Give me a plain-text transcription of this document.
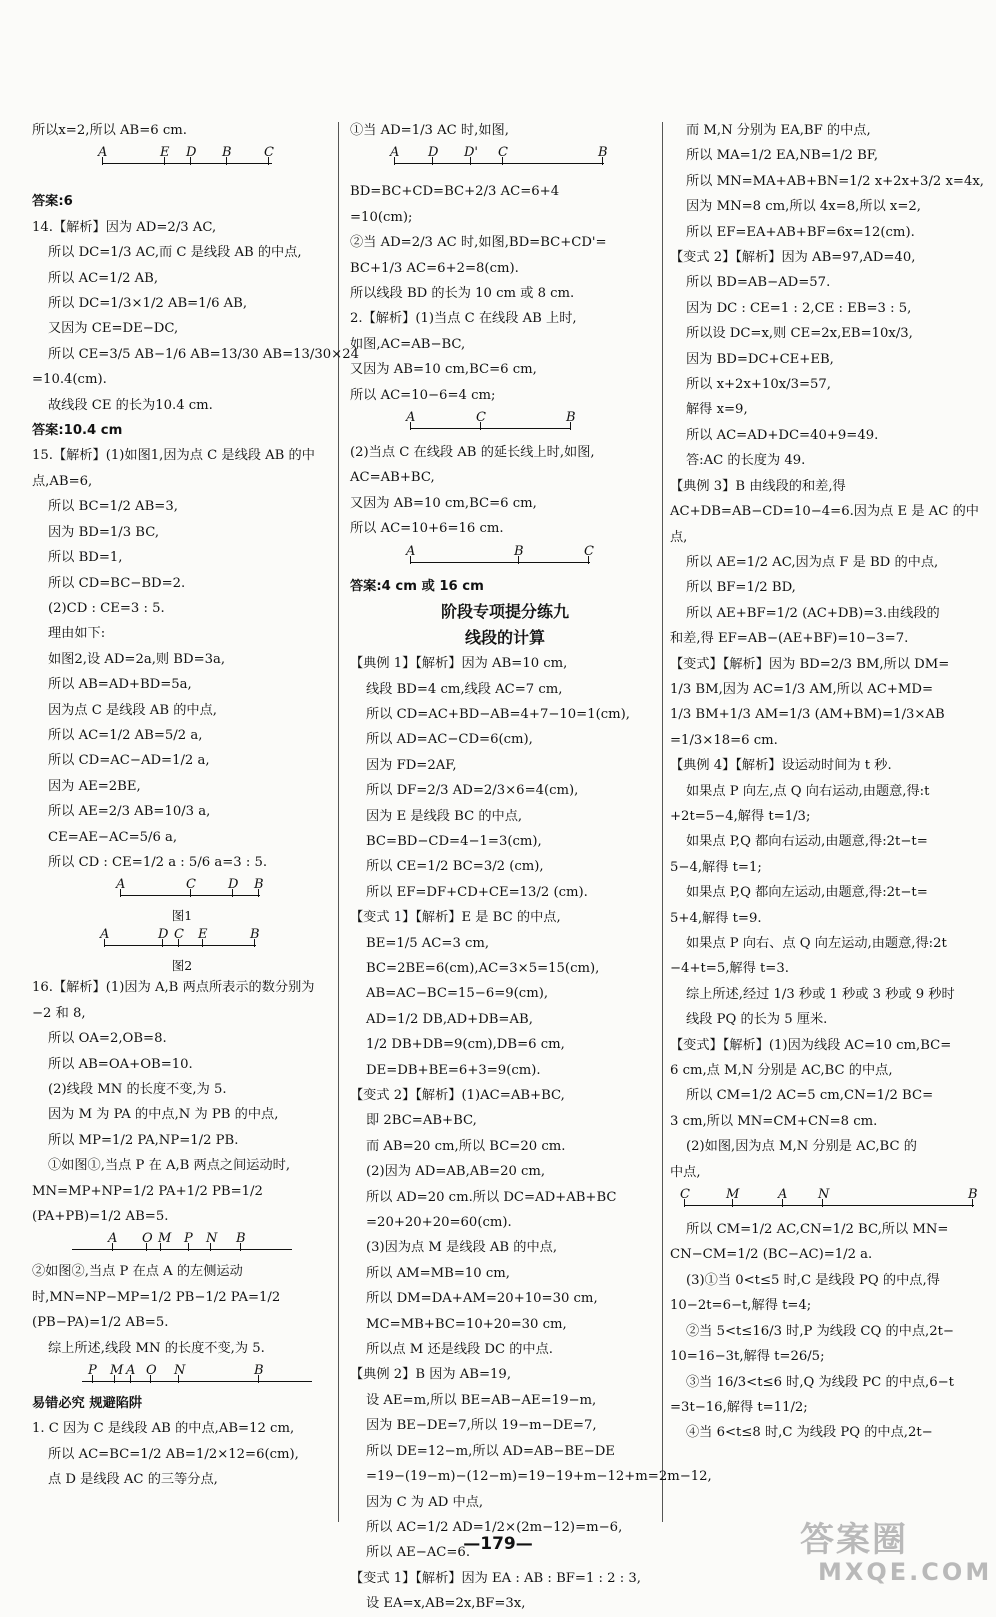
所以x=2,所以 AB=6 cm.
A	E D B C
答案:6
14.【解析】因为 AD=2/3 AC,
所以 DC=1/3 AC,而 C 是线段 AB 的中点,
所以 AC=1/2 AB,
所以 DC=1/3×1/2 AB=1/6 AB,
又因为 CE=DE−DC,
所以 CE=3/5 AB−1/6 AB=13/30 AB=13/30×24
=10.4(cm).
故线段 CE 的长为10.4 cm.
答案:10.4 cm
15.【解析】(1)如图1,因为点 C 是线段 AB 的中点,AB=6,
所以 BC=1/2 AB=3,
因为 BD=1/3 BC,
所以 BD=1,
所以 CD=BC−BD=2.
(2)CD : CE=3 : 5.
理由如下:
如图2,设 AD=2a,则 BD=3a,
所以 AB=AD+BD=5a,
因为点 C 是线段 AB 的中点,
所以 AC=1/2 AB=5/2 a,
所以 CD=AC−AD=1/2 a,
因为 AE=2BE,
所以 AE=2/3 AB=10/3 a,
CE=AE−AC=5/6 a,
所以 CD : CE=1/2 a : 5/6 a=3 : 5.
A	C D B
图1
A	D C E	B
图2
16.【解析】(1)因为 A,B 两点所表示的数分别为 −2 和 8,
所以 OA=2,OB=8.
所以 AB=OA+OB=10.
(2)线段 MN 的长度不变,为 5.
因为 M 为 PA 的中点,N 为 PB 的中点,
所以 MP=1/2 PA,NP=1/2 PB.
①如图①,当点 P 在 A,B 两点之间运动时,
MN=MP+NP=1/2 PA+1/2 PB=1/2 (PA+PB)=1/2 AB=5.
A O M P N B
②如图②,当点 P 在点 A 的左侧运动时,MN=NP−MP=1/2 PB−1/2 PA=1/2 (PB−PA)=1/2 AB=5.
综上所述,线段 MN 的长度不变,为 5.
P M A O N	B
易错必究 规避陷阱
1. C 因为 C 是线段 AB 的中点,AB=12 cm,
所以 AC=BC=1/2 AB=1/2×12=6(cm),
点 D 是线段 AC 的三等分点,
①当 AD=1/3 AC 时,如图,
A D D' C	B
BD=BC+CD=BC+2/3 AC=6+4
=10(cm);
②当 AD=2/3 AC 时,如图,BD=BC+CD'=
BC+1/3 AC=6+2=8(cm).
所以线段 BD 的长为 10 cm 或 8 cm.
2.【解析】(1)当点 C 在线段 AB 上时,
如图,AC=AB−BC,
又因为 AB=10 cm,BC=6 cm,
所以 AC=10−6=4 cm;
A	C	B
(2)当点 C 在线段 AB 的延长线上时,如图,
AC=AB+BC,
又因为 AB=10 cm,BC=6 cm,
所以 AC=10+6=16 cm.
A	B	C
答案:4 cm 或 16 cm
阶段专项提分练九
线段的计算
【典例 1】【解析】因为 AB=10 cm,
线段 BD=4 cm,线段 AC=7 cm,
所以 CD=AC+BD−AB=4+7−10=1(cm),
所以 AD=AC−CD=6(cm),
因为 FD=2AF,
所以 DF=2/3 AD=2/3×6=4(cm),
因为 E 是线段 BC 的中点,
BC=BD−CD=4−1=3(cm),
所以 CE=1/2 BC=3/2 (cm),
所以 EF=DF+CD+CE=13/2 (cm).
【变式 1】【解析】E 是 BC 的中点,
BE=1/5 AC=3 cm,
BC=2BE=6(cm),AC=3×5=15(cm),
AB=AC−BC=15−6=9(cm),
AD=1/2 DB,AD+DB=AB,
1/2 DB+DB=9(cm),DB=6 cm,
DE=DB+BE=6+3=9(cm).
【变式 2】【解析】(1)AC=AB+BC,
即 2BC=AB+BC,
而 AB=20 cm,所以 BC=20 cm.
(2)因为 AD=AB,AB=20 cm,
所以 AD=20 cm.所以 DC=AD+AB+BC
=20+20+20=60(cm).
(3)因为点 M 是线段 AB 的中点,
所以 AM=MB=10 cm,
所以 DM=DA+AM=20+10=30 cm,
MC=MB+BC=10+20=30 cm,
所以点 M 还是线段 DC 的中点.
【典例 2】B 因为 AB=19,
设 AE=m,所以 BE=AB−AE=19−m,
因为 BE−DE=7,所以 19−m−DE=7,
所以 DE=12−m,所以 AD=AB−BE−DE
=19−(19−m)−(12−m)=19−19+m−12+m=2m−12,
因为 C 为 AD 中点,
所以 AC=1/2 AD=1/2×(2m−12)=m−6,
所以 AE−AC=6.
【变式 1】【解析】因为 EA : AB : BF=1 : 2 : 3,
设 EA=x,AB=2x,BF=3x,
而 M,N 分别为 EA,BF 的中点,
所以 MA=1/2 EA,NB=1/2 BF,
所以 MN=MA+AB+BN=1/2 x+2x+3/2 x=4x,
因为 MN=8 cm,所以 4x=8,所以 x=2,
所以 EF=EA+AB+BF=6x=12(cm).
【变式 2】【解析】因为 AB=97,AD=40,
所以 BD=AB−AD=57.
因为 DC : CE=1 : 2,CE : EB=3 : 5,
所以设 DC=x,则 CE=2x,EB=10x/3,
因为 BD=DC+CE+EB,
所以 x+2x+10x/3=57,
解得 x=9,
所以 AC=AD+DC=40+9=49.
答:AC 的长度为 49.
【典例 3】B 由线段的和差,得 AC+DB=AB−CD=10−4=6.因为点 E 是 AC 的中点,
所以 AE=1/2 AC,因为点 F 是 BD 的中点,
所以 BF=1/2 BD,
所以 AE+BF=1/2 (AC+DB)=3.由线段的
和差,得 EF=AB−(AE+BF)=10−3=7.
【变式】【解析】因为 BD=2/3 BM,所以 DM=
1/3 BM,因为 AC=1/3 AM,所以 AC+MD=
1/3 BM+1/3 AM=1/3 (AM+BM)=1/3×AB
=1/3×18=6 cm.
【典例 4】【解析】设运动时间为 t 秒.
如果点 P 向左,点 Q 向右运动,由题意,得:t
+2t=5−4,解得 t=1/3;
如果点 P,Q 都向右运动,由题意,得:2t−t=
5−4,解得 t=1;
如果点 P,Q 都向左运动,由题意,得:2t−t=
5+4,解得 t=9.
如果点 P 向右、点 Q 向左运动,由题意,得:2t
−4+t=5,解得 t=3.
综上所述,经过 1/3 秒或 1 秒或 3 秒或 9 秒时
线段 PQ 的长为 5 厘米.
【变式】【解析】(1)因为线段 AC=10 cm,BC=
6 cm,点 M,N 分别是 AC,BC 的中点,
所以 CM=1/2 AC=5 cm,CN=1/2 BC=
3 cm,所以 MN=CM+CN=8 cm.
(2)如图,因为点 M,N 分别是 AC,BC 的
中点,
C	M	A N	B
所以 CM=1/2 AC,CN=1/2 BC,所以 MN=
CN−CM=1/2 (BC−AC)=1/2 a.
(3)①当 0<t≤5 时,C 是线段 PQ 的中点,得
10−2t=6−t,解得 t=4;
②当 5<t≤16/3 时,P 为线段 CQ 的中点,2t−
10=16−3t,解得 t=26/5;
③当 16/3<t≤6 时,Q 为线段 PC 的中点,6−t
=3t−16,解得 t=11/2;
④当 6<t≤8 时,C 为线段 PQ 的中点,2t−
—179—	答案圈
MXQE.COM
